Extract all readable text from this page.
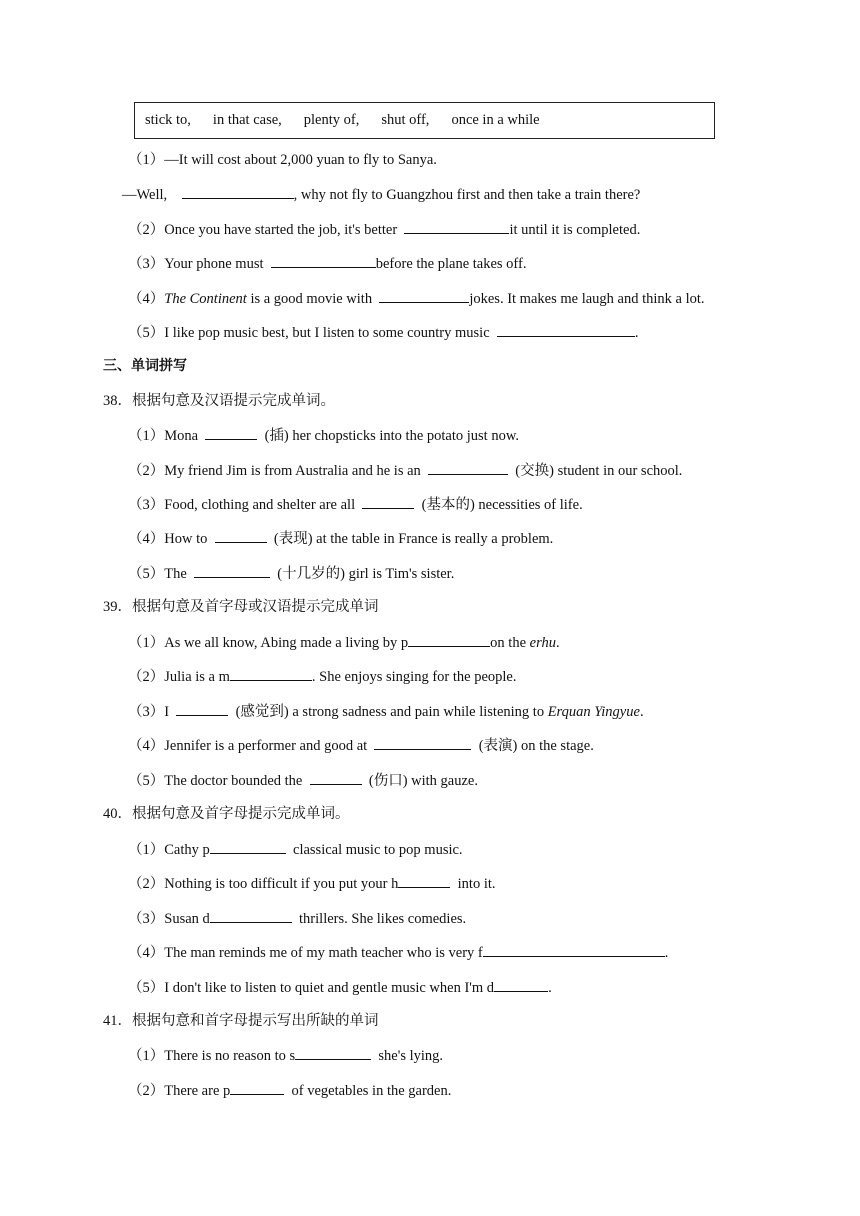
stick to, in that case, plenty of, shut off, once in a while
（1）—It will cost about 2,000 yuan to fly to Sanya.
—Well,	, why not fly to Guangzhou first and then take a train there?
（2）Once you have started the job, it's better	it until it is completed.
（3）Your phone must	before the plane takes off.
（4）The Continent is a good movie with	jokes. It makes me laugh and think a lot.
（5）I like pop music best, but I listen to some country music	.
三、单词拼写
38．根据句意及汉语提示完成单词。
（1）Mona	(插) her chopsticks into the potato just now.
（2）My friend Jim is from Australia and he is an	(交换) student in our school.
（3）Food, clothing and shelter are all	(基本的) necessities of life.
（4）How to	(表现) at the table in France is really a problem.
（5）The	(十几岁的) girl is Tim's sister.
39．根据句意及首字母或汉语提示完成单词
（1）As we all know, Abing made a living by p	on the erhu.
（2）Julia is a m	. She enjoys singing for the people.
（3）I	(感觉到) a strong sadness and pain while listening to Erquan Yingyue.
（4）Jennifer is a performer and good at	(表演) on the stage.
（5）The doctor bounded the	(伤口) with gauze.
40．根据句意及首字母提示完成单词。
（1）Cathy p	classical music to pop music.
（2）Nothing is too difficult if you put your h	into it.
（3）Susan d	thrillers. She likes comedies.
（4）The man reminds me of my math teacher who is very f	.
（5）I don't like to listen to quiet and gentle music when I'm d	.
41．根据句意和首字母提示写出所缺的单词
（1）There is no reason to s	she's lying.
（2）There are p	of vegetables in the garden.
